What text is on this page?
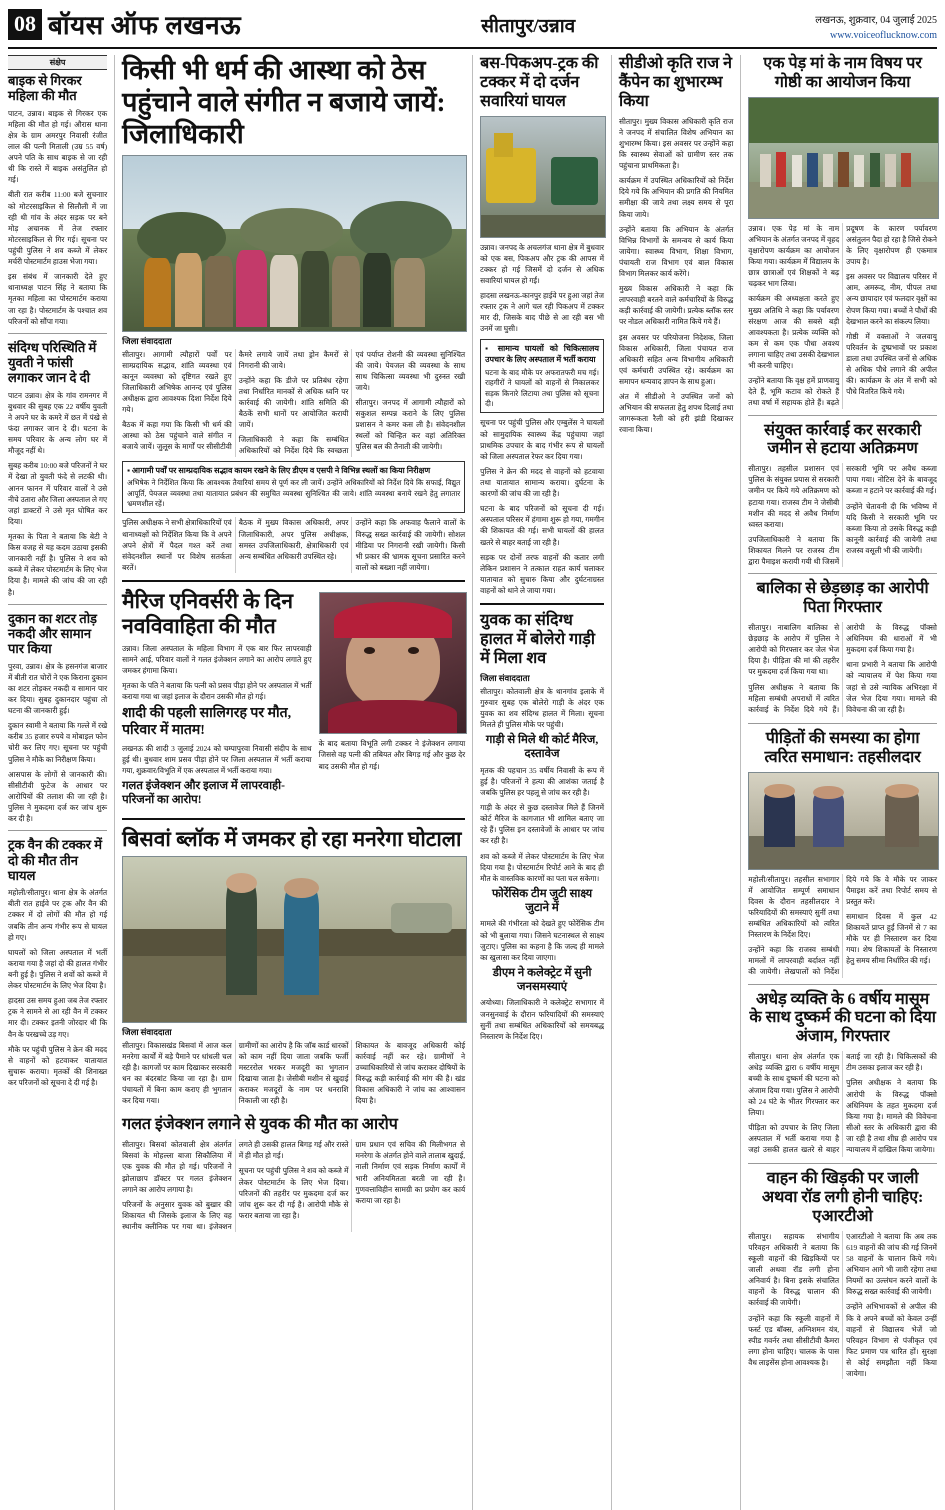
08 बॉयस ऑफ लखनऊ	सीतापुर/उन्नाव	लखनऊ, शुक्रवार, 04 जुलाई 2025
www.voiceoflucknow.com
संक्षेप
बाइक से गिरकर महिला की मौत

पाटन, उन्नाव। बाइक से गिरकर एक महिला की मौत हो गई। औरास थाना क्षेत्र के ग्राम अमरपुर निवासी रंजीत लाल की पत्नी मिताली (उम्र 55 वर्ष) अपने पति के साथ बाइक से जा रही थी कि रास्ते में बाइक असंतुलित हो गई।

बीती रात करीब 11:00 बजे सुचनाार को मोटरसाइकिल से सिलौली में जा रही थी गांव के अंदर सड़क पर बने मोड़ अचानक में तेज रफ्तार मोटरसाइकिल से गिर गई। सूचना पर पहुंची पुलिस ने शव कब्जे में लेकर मर्चरी पोस्टमार्टम हाउस भेजा गया।

इस संबंध में जानकारी देते हुए थानाध्यक्ष पाटन सिंह ने बताया कि मृतका महिला का पोस्टमार्टम कराया जा रहा है। पोस्टमार्टम के पश्चात शव परिजनों को सौंपा गया।

संदिग्ध परिस्थिति में युवती ने फांसी लगाकर जान दे दी

पाटन उन्नाव। क्षेत्र के गांव रामनगर में बुधवार की सुबह एक 22 वर्षीय युवती ने अपने घर के कमरे में छत में पंखे से फंदा लगाकर जान दे दी। घटना के समय परिवार के अन्य लोग घर में मौजूद नहीं थे।

सुबह करीब 10:00 बजे परिजनों ने घर में देखा तो युवती फंदे से लटकी थी। आनन फानन में परिवार वालों ने उसे नीचे उतारा और जिला अस्पताल ले गए जहां डाक्टरों ने उसे मृत घोषित कर दिया।

मृतका के पिता ने बताया कि बेटी ने किस वजह से यह कदम उठाया इसकी जानकारी नहीं है। पुलिस ने शव को कब्जे में लेकर पोस्टमार्टम के लिए भेज दिया है। मामले की जांच की जा रही है।

दुकान का शटर तोड़ नकदी और सामान पार किया

पुरवा, उन्नाव। क्षेत्र के हसनगंज बाजार में बीती रात चोरों ने एक किराना दुकान का शटर तोड़कर नकदी व सामान पार कर दिया। सुबह दुकानदार पहुंचा तो घटना की जानकारी हुई।

दुकान स्वामी ने बताया कि गल्ले में रखे करीब 35 हजार रुपये व मोबाइल फोन चोरी कर लिए गए। सूचना पर पहुंची पुलिस ने मौके का निरीक्षण किया।

आसपास के लोगों से जानकारी की। सीसीटीवी फुटेज के आधार पर आरोपियों की तलाश की जा रही है। पुलिस ने मुकदमा दर्ज कर जांच शुरू कर दी है।

ट्रक वैन की टक्कर में दो की मौत तीन घायल

महोली/सीतापुर। थाना क्षेत्र के अंतर्गत बीती रात हाईवे पर ट्रक और वैन की टक्कर में दो लोगों की मौत हो गई जबकि तीन अन्य गंभीर रूप से घायल हो गए।

घायलों को जिला अस्पताल में भर्ती कराया गया है जहां दो की हालत गंभीर बनी हुई है। पुलिस ने शवों को कब्जे में लेकर पोस्टमार्टम के लिए भेज दिया है।

हादसा उस समय हुआ जब तेज रफ्तार ट्रक ने सामने से आ रही वैन में टक्कर मार दी। टक्कर इतनी जोरदार थी कि वैन के परखच्चे उड़ गए।

मौके पर पहुंची पुलिस ने क्रेन की मदद से वाहनों को हटवाकर यातायात सुचारू कराया। मृतकों की शिनाख्त कर परिजनों को सूचना दे दी गई है।

किसी भी धर्म की आस्था को ठेस पहुंचाने वाले संगीत न बजाये जायें: जिलाधिकारी
जिला संवाददाता

सीतापुर। आगामी त्यौहारों पर्वों पर साम्प्रदायिक सद्भाव, शांति व्यवस्था एवं कानून व्यवस्था को दृष्टिगत रखते हुए जिलाधिकारी अभिषेक आनन्द एवं पुलिस अधीक्षक द्वारा आवश्यक दिशा निर्देश दिये गये।

बैठक में कहा गया कि किसी भी धर्म की आस्था को ठेस पहुंचाने वाले संगीत न बजाये जायें। जुलूस के मार्गों पर सीसीटीवी कैमरे लगाये जायें तथा ड्रोन कैमरों से निगरानी की जाये।

उन्होंने कहा कि डीजे पर प्रतिबंध रहेगा तथा निर्धारित मानकों से अधिक ध्वनि पर कार्रवाई की जायेगी। शांति समिति की बैठकें सभी थानों पर आयोजित करायी जायें।

जिलाधिकारी ने कहा कि सम्बंधित अधिकारियों को निर्देश दिये कि स्वच्छता एवं पर्याप्त रोशनी की व्यवस्था सुनिश्चित की जाये। पेयजल की व्यवस्था के साथ साथ चिकित्सा व्यवस्था भी दुरुस्त रखी जाये।

सीतापुर। जनपद में आगामी त्यौहारों को सकुशल सम्पन्न कराने के लिए पुलिस प्रशासन ने कमर कस ली है। संवेदनशील स्थलों को चिन्हित कर वहां अतिरिक्त पुलिस बल की तैनाती की जायेगी।

▪ आगामी पर्वों पर साम्प्रदायिक सद्भाव कायम रखने के लिए डीएम व एसपी ने विभिन्न स्थलों का किया निरीक्षण
अभिषेक ने निर्देशित किया कि आवश्यक तैयारियां समय से पूर्ण कर ली जायें। उन्होंने अधिकारियों को निर्देश दिये कि सफाई, विद्युत आपूर्ति, पेयजल व्यवस्था तथा यातायात प्रबंधन की समुचित व्यवस्था सुनिश्चित की जाये। शांति व्यवस्था बनाये रखने हेतु लगातार भ्रमणशील रहें।

पुलिस अधीक्षक ने सभी क्षेत्राधिकारियों एवं थानाध्यक्षों को निर्देशित किया कि वे अपने अपने क्षेत्रों में पैदल गश्त करें तथा संवेदनशील स्थानों पर विशेष सतर्कता बरतें।

बैठक में मुख्य विकास अधिकारी, अपर जिलाधिकारी, अपर पुलिस अधीक्षक, समस्त उपजिलाधिकारी, क्षेत्राधिकारी एवं अन्य सम्बंधित अधिकारी उपस्थित रहे।

उन्होंने कहा कि अफवाह फैलाने वालों के विरुद्ध सख्त कार्रवाई की जायेगी। सोशल मीडिया पर निगरानी रखी जायेगी। किसी भी प्रकार की भ्रामक सूचना प्रसारित करने वालों को बख्शा नहीं जायेगा।

मैरिज एनिवर्सरी के दिन नवविवाहिता की मौत

उन्नाव। जिला अस्पताल के महिला विभाग में एक बार फिर लापरवाही सामने आई, परिवार वालों ने गलत इंजेक्शन लगाने का आरोप लगाते हुए जमकर हंगामा किया।

मृतका के पति ने बताया कि पत्नी को प्रसव पीड़ा होने पर अस्पताल में भर्ती कराया गया था जहां इलाज के दौरान उसकी मौत हो गई।

शादी की पहली सालिगरह पर मौत, परिवार में मातम!

लखनऊ की शादी 3 जुलाई 2024 को चम्पापुरवा निवासी संदीप के साथ हुई थी। बुधवार शाम प्रसव पीड़ा होने पर जिला अस्पताल में भर्ती कराया गया, शुक्रवार/विभूति में एक अस्पताल में भर्ती कराया गया।

गलत इंजेक्शन और इलाज में लापरवाही- परिजनों का आरोप!

के बाद बताया विभूति लगी टक्कर ने इंजेक्शन लगाया जिससे वह पत्नी की तबियत और बिगड़ गई और कुछ देर बाद उसकी मौत हो गई।

बिसवां ब्लॉक में जमकर हो रहा मनरेगा घोटाला
जिला संवाददाता

सीतापुर। विकासखंड बिसवां में आज कल मनरेगा कार्यों में बड़े पैमाने पर धांधली चल रही है। कागजों पर काम दिखाकर सरकारी धन का बंदरबांट किया जा रहा है। ग्राम पंचायतों में बिना काम कराए ही भुगतान कर दिया गया।

ग्रामीणों का आरोप है कि जॉब कार्ड धारकों को काम नहीं दिया जाता जबकि फर्जी मस्टररोल भरकर मजदूरी का भुगतान दिखाया जाता है। जेसीबी मशीन से खुदाई कराकर मजदूरों के नाम पर धनराशि निकाली जा रही है।

शिकायत के बावजूद अधिकारी कोई कार्रवाई नहीं कर रहे। ग्रामीणों ने उच्चाधिकारियों से जांच कराकर दोषियों के विरुद्ध कड़ी कार्रवाई की मांग की है। खंड विकास अधिकारी ने जांच का आश्वासन दिया है।

गलत इंजेक्शन लगाने से युवक की मौत का आरोप

सीतापुर। बिसवां कोतवाली क्षेत्र अंतर्गत बिसवां के मोहल्ला बाजा सिकौलिया में एक युवक की मौत हो गई। परिजनों ने झोलाछाप डॉक्टर पर गलत इंजेक्शन लगाने का आरोप लगाया है।

परिजनों के अनुसार युवक को बुखार की शिकायत थी जिसके इलाज के लिए वह स्थानीय क्लीनिक पर गया था। इंजेक्शन लगते ही उसकी हालत बिगड़ गई और रास्ते में ही मौत हो गई।

सूचना पर पहुंची पुलिस ने शव को कब्जे में लेकर पोस्टमार्टम के लिए भेज दिया। परिजनों की तहरीर पर मुकदमा दर्ज कर जांच शुरू कर दी गई है। आरोपी मौके से फरार बताया जा रहा है।

ग्राम प्रधान एवं सचिव की मिलीभगत से मनरेगा के अंतर्गत होने वाले तालाब खुदाई, नाली निर्माण एवं सड़क निर्माण कार्यों में भारी अनियमितता बरती जा रही है। गुणवत्ताविहीन सामग्री का प्रयोग कर कार्य कराया जा रहा है।

बस-पिकअप-ट्रक की टक्कर में दो दर्जन सवारियां घायल

उन्नाव। जनपद के अचलगंज थाना क्षेत्र में बुधवार को एक बस, पिकअप और ट्रक की आपस में टक्कर हो गई जिसमें दो दर्जन से अधिक सवारियां घायल हो गईं।

हादसा लखनऊ-कानपुर हाईवे पर हुआ जहां तेज रफ्तार ट्रक ने आगे चल रही पिकअप में टक्कर मार दी, जिसके बाद पीछे से आ रही बस भी उनमें जा घुसी।

▪ सामान्य घायलों को चिकित्सालय उपचार के लिए अस्पताल में भर्ती कराया
घटना के बाद मौके पर अफरातफरी मच गई। राहगीरों ने घायलों को वाहनों से निकालकर सड़क किनारे लिटाया तथा पुलिस को सूचना दी।

सूचना पर पहुंची पुलिस और एम्बुलेंस ने घायलों को सामुदायिक स्वास्थ्य केंद्र पहुंचाया जहां प्राथमिक उपचार के बाद गंभीर रूप से घायलों को जिला अस्पताल रेफर कर दिया गया।

पुलिस ने क्रेन की मदद से वाहनों को हटवाया तथा यातायात सामान्य कराया। दुर्घटना के कारणों की जांच की जा रही है।

घटना के बाद परिजनों को सूचना दी गई। अस्पताल परिसर में हंगामा शुरू हो गया, गमगीन की शिकायत की गई। सभी घायलों की हालत खतरे से बाहर बताई जा रही है।

सड़क पर दोनों तरफ वाहनों की कतार लगी लेकिन प्रशासन ने तत्काल राहत कार्य चलाकर यातायात को सुचारु किया और दुर्घटनाग्रस्त वाहनों को थाने ले जाया गया।

युवक का संदिग्ध हालत में बोलेरो गाड़ी में मिला शव
जिला संवाददाता

सीतापुर। कोतवाली क्षेत्र के थानगांव इलाके में गुरुवार सुबह एक बोलेरो गाड़ी के अंदर एक युवक का शव संदिग्ध हालत में मिला। सूचना मिलते ही पुलिस मौके पर पहुंची।

गाड़ी से मिले थी कोर्ट मैरिज, दस्तावेज

मृतक की पहचान 35 वर्षीय निवासी के रूप में हुई है। परिजनों ने हत्या की आशंका जताई है जबकि पुलिस हर पहलू से जांच कर रही है।

गाड़ी के अंदर से कुछ दस्तावेज मिले हैं जिनमें कोर्ट मैरिज के कागजात भी शामिल बताए जा रहे हैं। पुलिस इन दस्तावेजों के आधार पर जांच कर रही है।

शव को कब्जे में लेकर पोस्टमार्टम के लिए भेज दिया गया है। पोस्टमार्टम रिपोर्ट आने के बाद ही मौत के वास्तविक कारणों का पता चल सकेगा।

फोरेंसिक टीम जुटी साक्ष्य जुटाने में

मामले की गंभीरता को देखते हुए फोरेंसिक टीम को भी बुलाया गया। जिसने घटनास्थल से साक्ष्य जुटाए। पुलिस का कहना है कि जल्द ही मामले का खुलासा कर दिया जाएगा।

डीएम ने कलेक्ट्रेट में सुनी जनसमस्याएं

अयोध्या। जिलाधिकारी ने कलेक्ट्रेट सभागार में जनसुनवाई के दौरान फरियादियों की समस्याएं सुनीं तथा सम्बंधित अधिकारियों को समयबद्ध निस्तारण के निर्देश दिए।

सीडीओ कृति राज ने कैंपेन का शुभारम्भ किया

सीतापुर। मुख्य विकास अधिकारी कृति राज ने जनपद में संचालित विशेष अभियान का शुभारम्भ किया। इस अवसर पर उन्होंने कहा कि स्वास्थ्य सेवाओं को ग्रामीण स्तर तक पहुंचाना प्राथमिकता है।

कार्यक्रम में उपस्थित अधिकारियों को निर्देश दिये गये कि अभियान की प्रगति की नियमित समीक्षा की जाये तथा लक्ष्य समय से पूरा किया जाये।

उन्होंने बताया कि अभियान के अंतर्गत विभिन्न विभागों के समन्वय से कार्य किया जायेगा। स्वास्थ्य विभाग, शिक्षा विभाग, पंचायती राज विभाग एवं बाल विकास विभाग मिलकर कार्य करेंगे।

मुख्य विकास अधिकारी ने कहा कि लापरवाही बरतने वाले कर्मचारियों के विरुद्ध कड़ी कार्रवाई की जायेगी। प्रत्येक ब्लॉक स्तर पर नोडल अधिकारी नामित किये गये हैं।

इस अवसर पर परियोजना निदेशक, जिला विकास अधिकारी, जिला पंचायत राज अधिकारी सहित अन्य विभागीय अधिकारी एवं कर्मचारी उपस्थित रहे। कार्यक्रम का समापन धन्यवाद ज्ञापन के साथ हुआ।

अंत में सीडीओ ने उपस्थित जनों को अभियान की सफलता हेतु शपथ दिलाई तथा जागरूकता रैली को हरी झंडी दिखाकर रवाना किया।

एक पेड़ मां के नाम विषय पर गोष्ठी का आयोजन किया

उन्नाव। एक पेड़ मां के नाम अभियान के अंतर्गत जनपद में वृहद वृक्षारोपण कार्यक्रम का आयोजन किया गया। कार्यक्रम में विद्यालय के छात्र छात्राओं एवं शिक्षकों ने बढ़ चढ़कर भाग लिया।

कार्यक्रम की अध्यक्षता करते हुए मुख्य अतिथि ने कहा कि पर्यावरण संरक्षण आज की सबसे बड़ी आवश्यकता है। प्रत्येक व्यक्ति को कम से कम एक पौधा अवश्य लगाना चाहिए तथा उसकी देखभाल भी करनी चाहिए।

उन्होंने बताया कि वृक्ष हमें प्राणवायु देते हैं, भूमि कटाव को रोकते हैं तथा वर्षा में सहायक होते हैं। बढ़ते प्रदूषण के कारण पर्यावरण असंतुलन पैदा हो रहा है जिसे रोकने के लिए वृक्षारोपण ही एकमात्र उपाय है।

इस अवसर पर विद्यालय परिसर में आम, अमरूद, नीम, पीपल तथा अन्य छायादार एवं फलदार वृक्षों का रोपण किया गया। बच्चों ने पौधों की देखभाल करने का संकल्प लिया।

गोष्ठी में वक्ताओं ने जलवायु परिवर्तन के दुष्प्रभावों पर प्रकाश डाला तथा उपस्थित जनों से अधिक से अधिक पौधे लगाने की अपील की। कार्यक्रम के अंत में सभी को पौधे वितरित किये गये।

संयुक्त कार्रवाई कर सरकारी जमीन से हटाया अतिक्रमण

सीतापुर। तहसील प्रशासन एवं पुलिस के संयुक्त प्रयास से सरकारी जमीन पर किये गये अतिक्रमण को हटाया गया। राजस्व टीम ने जेसीबी मशीन की मदद से अवैध निर्माण ध्वस्त कराया।

उपजिलाधिकारी ने बताया कि शिकायत मिलने पर राजस्व टीम द्वारा पैमाइश करायी गयी थी जिसमें सरकारी भूमि पर अवैध कब्जा पाया गया। नोटिस देने के बावजूद कब्जा न हटाने पर कार्रवाई की गई।

उन्होंने चेतावनी दी कि भविष्य में यदि किसी ने सरकारी भूमि पर कब्जा किया तो उसके विरुद्ध कड़ी कानूनी कार्रवाई की जायेगी तथा राजस्व वसूली भी की जायेगी।

बालिका से छेड़छाड़ का आरोपी पिता गिरफ्तार

सीतापुर। नाबालिग बालिका से छेड़छाड़ के आरोप में पुलिस ने आरोपी को गिरफ्तार कर जेल भेज दिया है। पीड़िता की मां की तहरीर पर मुकदमा दर्ज किया गया था।

पुलिस अधीक्षक ने बताया कि महिला सम्बंधी अपराधों में त्वरित कार्रवाई के निर्देश दिये गये हैं। आरोपी के विरुद्ध पॉक्सो अधिनियम की धाराओं में भी मुकदमा दर्ज किया गया है।

थाना प्रभारी ने बताया कि आरोपी को न्यायालय में पेश किया गया जहां से उसे न्यायिक अभिरक्षा में जेल भेज दिया गया। मामले की विवेचना की जा रही है।

पीड़ितों की समस्या का होगा त्वरित समाधान: तहसीलदार

महोली/सीतापुर। तहसील सभागार में आयोजित सम्पूर्ण समाधान दिवस के दौरान तहसीलदार ने फरियादियों की समस्याएं सुनीं तथा सम्बंधित अधिकारियों को त्वरित निस्तारण के निर्देश दिए।

उन्होंने कहा कि राजस्व सम्बंधी मामलों में लापरवाही बर्दाश्त नहीं की जायेगी। लेखपालों को निर्देश दिये गये कि वे मौके पर जाकर पैमाइश करें तथा रिपोर्ट समय से प्रस्तुत करें।

समाधान दिवस में कुल 42 शिकायतें प्राप्त हुईं जिनमें से 7 का मौके पर ही निस्तारण कर दिया गया। शेष शिकायतों के निस्तारण हेतु समय सीमा निर्धारित की गई।

अधेड़ व्यक्ति के 6 वर्षीय मासूम के साथ दुष्कर्म की घटना को दिया अंजाम, गिरफ्तार

सीतापुर। थाना क्षेत्र अंतर्गत एक अधेड़ व्यक्ति द्वारा 6 वर्षीय मासूम बच्ची के साथ दुष्कर्म की घटना को अंजाम दिया गया। पुलिस ने आरोपी को 24 घंटे के भीतर गिरफ्तार कर लिया।

पीड़िता को उपचार के लिए जिला अस्पताल में भर्ती कराया गया है जहां उसकी हालत खतरे से बाहर बताई जा रही है। चिकित्सकों की टीम उसका इलाज कर रही है।

पुलिस अधीक्षक ने बताया कि आरोपी के विरुद्ध पॉक्सो अधिनियम के तहत मुकदमा दर्ज किया गया है। मामले की विवेचना सीओ स्तर के अधिकारी द्वारा की जा रही है तथा शीघ्र ही आरोप पत्र न्यायालय में दाखिल किया जायेगा।

वाहन की खिड़की पर जाली अथवा रॉड लगी होनी चाहिए: एआरटीओ

सीतापुर। सहायक संभागीय परिवहन अधिकारी ने बताया कि स्कूली वाहनों की खिड़कियों पर जाली अथवा रॉड लगी होना अनिवार्य है। बिना इसके संचालित वाहनों के विरुद्ध चालान की कार्रवाई की जायेगी।

उन्होंने कहा कि स्कूली वाहनों में फर्स्ट एड बॉक्स, अग्निशमन यंत्र, स्पीड गवर्नर तथा सीसीटीवी कैमरा लगा होना चाहिए। चालक के पास वैध लाइसेंस होना आवश्यक है।

एआरटीओ ने बताया कि अब तक 619 वाहनों की जांच की गई जिनमें 58 वाहनों के चालान किये गये। अभियान आगे भी जारी रहेगा तथा नियमों का उल्लंघन करने वालों के विरुद्ध सख्त कार्रवाई की जायेगी।

उन्होंने अभिभावकों से अपील की कि वे अपने बच्चों को केवल उन्हीं वाहनों से विद्यालय भेजें जो परिवहन विभाग से पंजीकृत एवं फिट प्रमाण पत्र धारित हों। सुरक्षा से कोई समझौता नहीं किया जायेगा।
